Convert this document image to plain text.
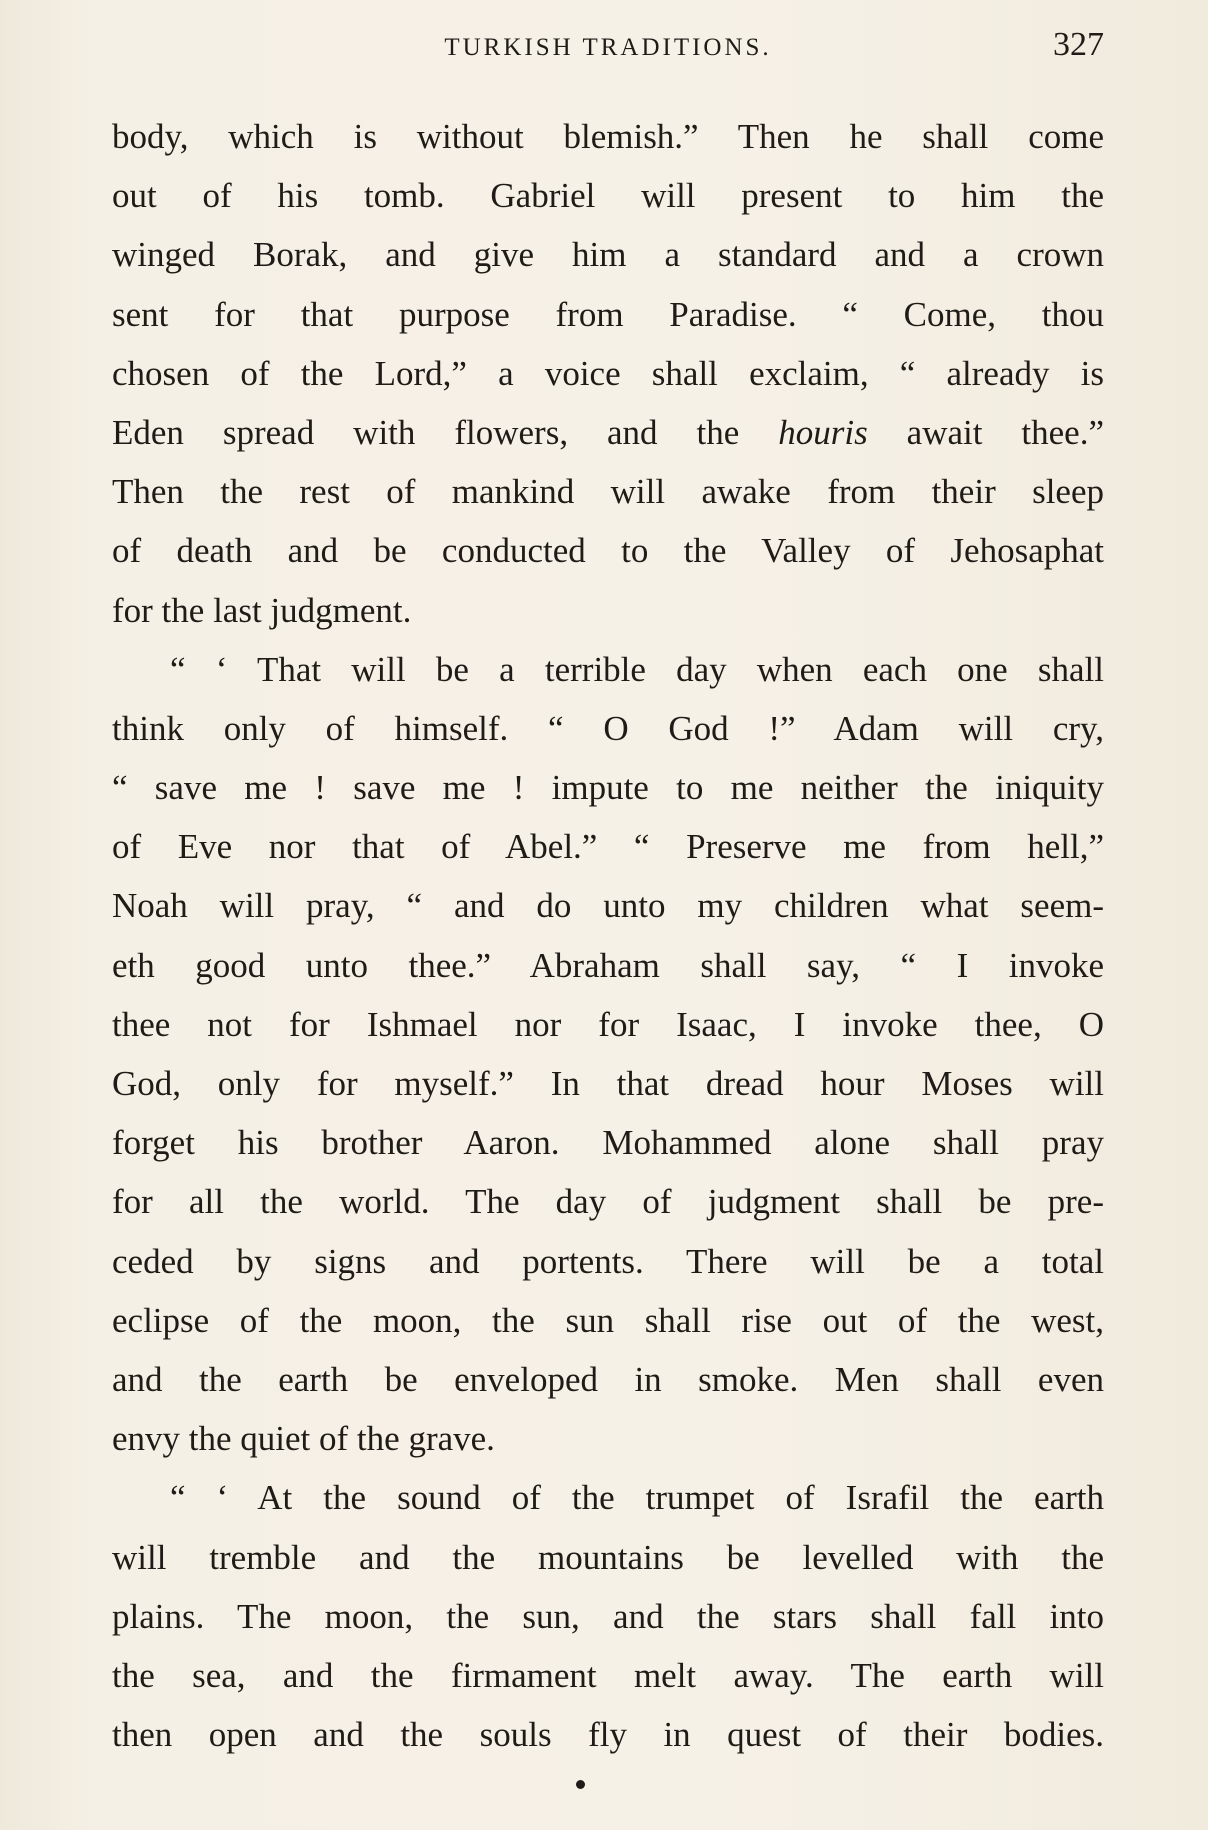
TURKISH TRADITIONS.	327
body, which is without blemish.” Then he shall come
out of his tomb. Gabriel will present to him the
winged Borak, and give him a standard and a crown
sent for that purpose from Paradise. “ Come, thou
chosen of the Lord,” a voice shall exclaim, “ already is
Eden spread with flowers, and the houris await thee.”
Then the rest of mankind will awake from their sleep
of death and be conducted to the Valley of Jehosaphat
for the last judgment.
“ ‘ That will be a terrible day when each one shall
think only of himself. “ O God !” Adam will cry,
“ save me ! save me ! impute to me neither the iniquity
of Eve nor that of Abel.” “ Preserve me from hell,”
Noah will pray, “ and do unto my children what seem-
eth good unto thee.” Abraham shall say, “ I invoke
thee not for Ishmael nor for Isaac, I invoke thee, O
God, only for myself.” In that dread hour Moses will
forget his brother Aaron. Mohammed alone shall pray
for all the world. The day of judgment shall be pre-
ceded by signs and portents. There will be a total
eclipse of the moon, the sun shall rise out of the west,
and the earth be enveloped in smoke. Men shall even
envy the quiet of the grave.
“ ‘ At the sound of the trumpet of Israfil the earth
will tremble and the mountains be levelled with the
plains. The moon, the sun, and the stars shall fall into
the sea, and the firmament melt away. The earth will
then open and the souls fly in quest of their bodies.
